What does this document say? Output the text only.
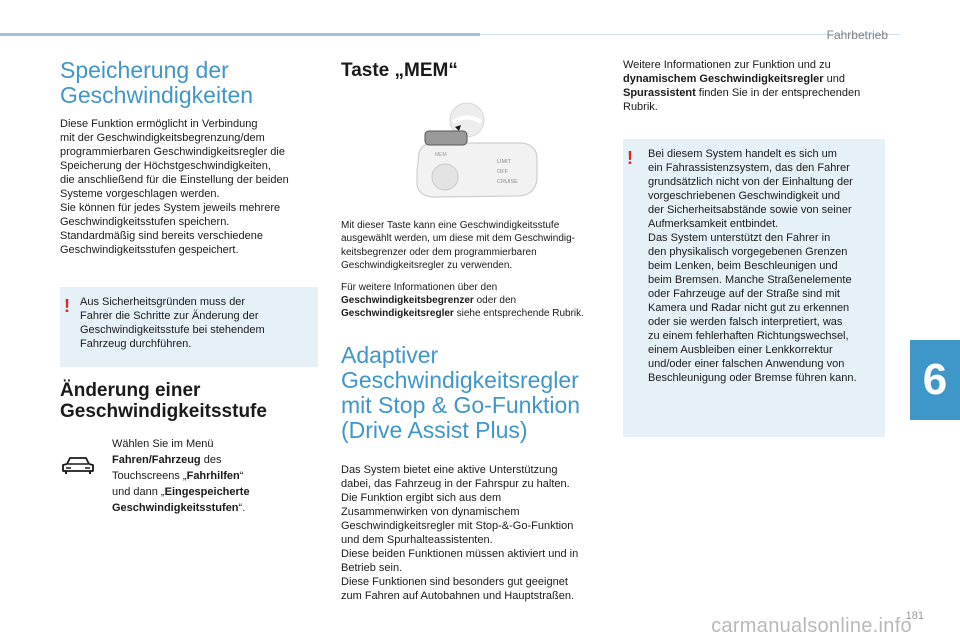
Fahrbetrieb
6
Speicherung der
Geschwindigkeiten
Diese Funktion ermöglicht in Verbindung
mit der Geschwindigkeitsbegrenzung/dem
programmierbaren Geschwindigkeitsregler die
Speicherung der Höchstgeschwindigkeiten,
die anschließend für die Einstellung der beiden
Systeme vorgeschlagen werden.
Sie können für jedes System jeweils mehrere
Geschwindigkeitsstufen speichern.
Standardmäßig sind bereits verschiedene
Geschwindigkeitsstufen gespeichert.
! Aus Sicherheitsgründen muss der
Fahrer die Schritte zur Änderung der
Geschwindigkeitsstufe bei stehendem
Fahrzeug durchführen.
Änderung einer
Geschwindigkeitsstufe
Wählen Sie im Menü
Fahren/Fahrzeug des
Touchscreens „Fahrhilfen“
und dann „Eingespeicherte
Geschwindigkeitsstufen“.
Taste „MEM“
MEM
LIMIT
OFF
CRUISE
Mit dieser Taste kann eine Geschwindigkeitsstufe
ausgewählt werden, um diese mit dem Geschwindig-
keitsbegrenzer oder dem programmierbaren
Geschwindigkeitsregler zu verwenden.
Für weitere Informationen über den
Geschwindigkeitsbegrenzer oder den
Geschwindigkeitsregler siehe entsprechende Rubrik.
Adaptiver
Geschwindigkeitsregler
mit Stop & Go-Funktion
(Drive Assist Plus)
Das System bietet eine aktive Unterstützung
dabei, das Fahrzeug in der Fahrspur zu halten.
Die Funktion ergibt sich aus dem
Zusammenwirken von dynamischem
Geschwindigkeitsregler mit Stop-&-Go-Funktion
und dem Spurhalteassistenten.
Diese beiden Funktionen müssen aktiviert und in
Betrieb sein.
Diese Funktionen sind besonders gut geeignet
zum Fahren auf Autobahnen und Hauptstraßen.
Weitere Informationen zur Funktion und zu
dynamischem Geschwindigkeitsregler und
Spurassistent finden Sie in der entsprechenden
Rubrik.
! Bei diesem System handelt es sich um
ein Fahrassistenzsystem, das den Fahrer
grundsätzlich nicht von der Einhaltung der
vorgeschriebenen Geschwindigkeit und
der Sicherheitsabstände sowie von seiner
Aufmerksamkeit entbindet.
Das System unterstützt den Fahrer in
den physikalisch vorgegebenen Grenzen
beim Lenken, beim Beschleunigen und
beim Bremsen. Manche Straßenelemente
oder Fahrzeuge auf der Straße sind mit
Kamera und Radar nicht gut zu erkennen
oder sie werden falsch interpretiert, was
zu einem fehlerhaften Richtungswechsel,
einem Ausbleiben einer Lenkkorrektur
und/oder einer falschen Anwendung von
Beschleunigung oder Bremse führen kann.
181
carmanualsonline.info
